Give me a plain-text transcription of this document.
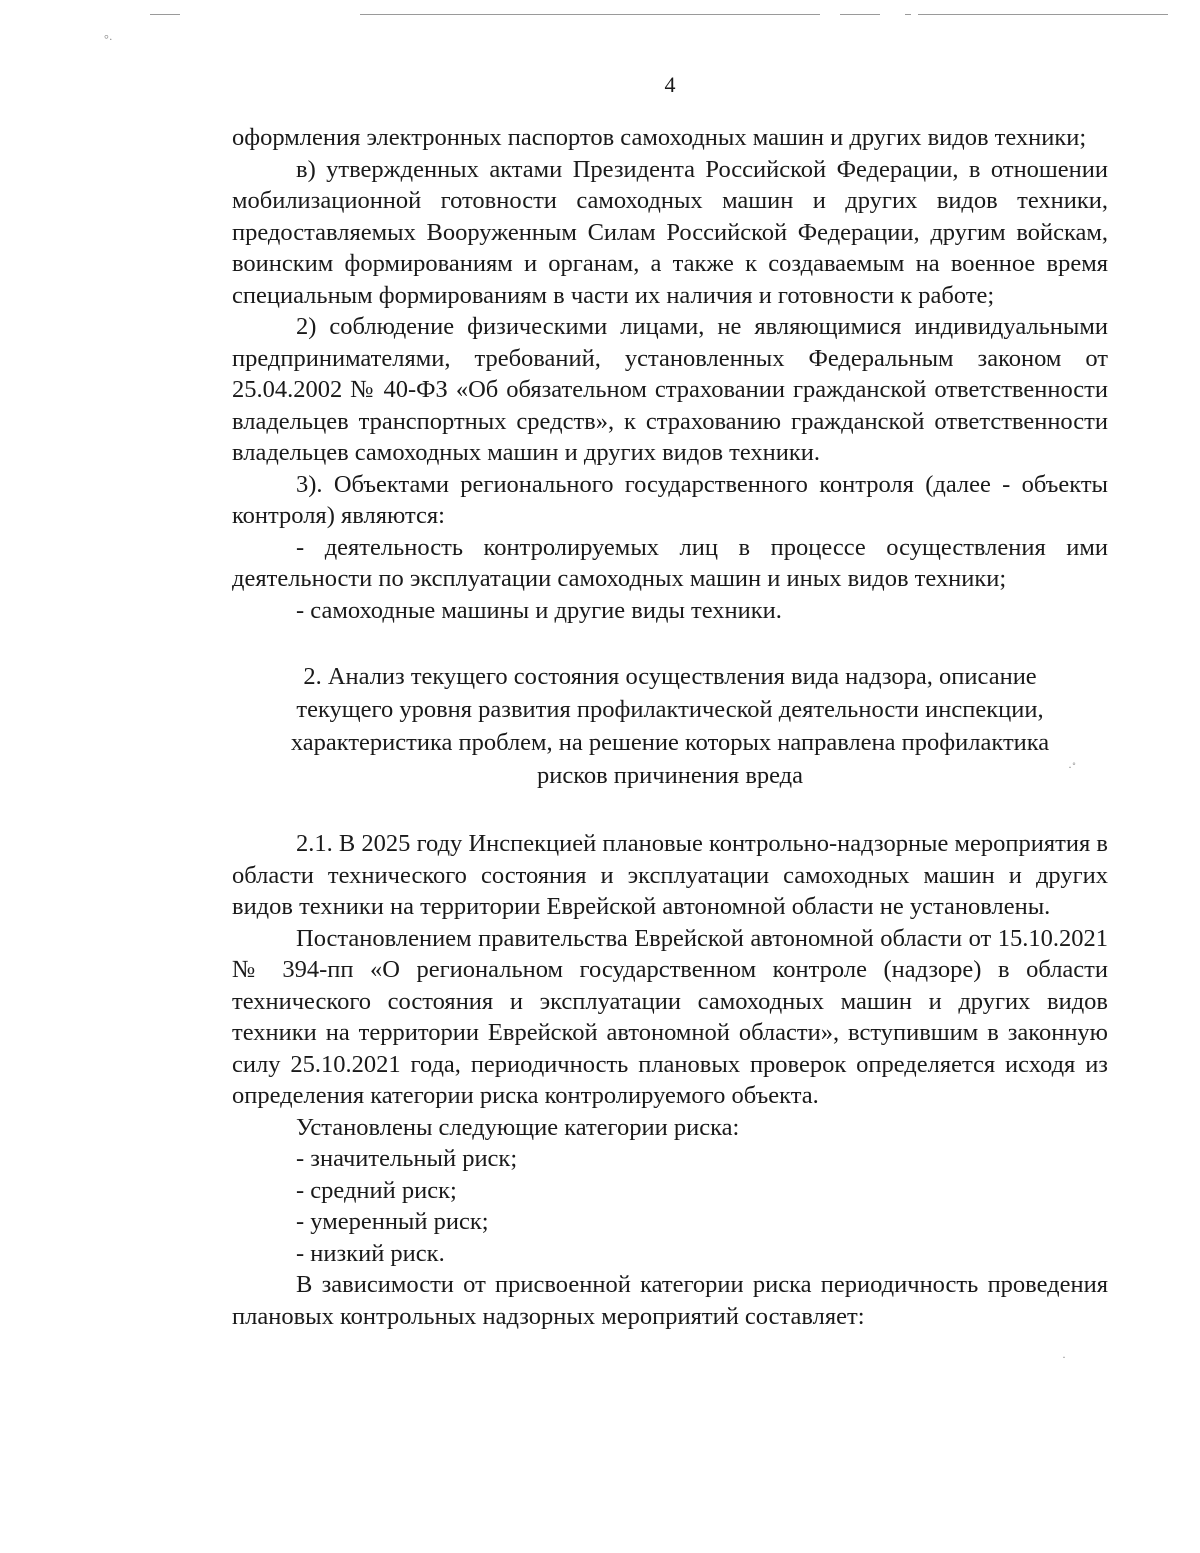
°·
·˚
·
4

оформления электронных паспортов самоходных машин и других видов техники;

в) утвержденных актами Президента Российской Федерации, в отношении мобилизационной готовности самоходных машин и других видов техники, предоставляемых Вооруженным Силам Российской Федерации, другим войскам, воинским формированиям и органам, а также к создаваемым на военное время специальным формированиям в части их наличия и готовности к работе;

2) соблюдение физическими лицами, не являющимися индивидуальными предпринимателями, требований, установленных Федеральным законом от 25.04.2002 № 40-ФЗ «Об обязательном страховании гражданской ответственности владельцев транспортных средств», к страхованию гражданской ответственности владельцев самоходных машин и других видов техники.

3). Объектами регионального государственного контроля (далее - объекты контроля) являются:

- деятельность контролируемых лиц в процессе осуществления ими деятельности по эксплуатации самоходных машин и иных видов техники;

- самоходные машины и другие виды техники.

2. Анализ текущего состояния осуществления вида надзора, описание текущего уровня развития профилактической деятельности инспекции, характеристика проблем, на решение которых направлена профилактика рисков причинения вреда

2.1. В 2025 году Инспекцией плановые контрольно-надзорные мероприятия в области технического состояния и эксплуатации самоходных машин и других видов техники на территории Еврейской автономной области не установлены.

Постановлением правительства Еврейской автономной области от 15.10.2021 № 394-пп «О региональном государственном контроле (надзоре) в области технического состояния и эксплуатации самоходных машин и других видов техники на территории Еврейской автономной области», вступившим в законную силу 25.10.2021 года, периодичность плановых проверок определяется исходя из определения категории риска контролируемого объекта.

Установлены следующие категории риска:

- значительный риск;

- средний риск;

- умеренный риск;

- низкий риск.

В зависимости от присвоенной категории риска периодичность проведения плановых контрольных надзорных мероприятий составляет:
